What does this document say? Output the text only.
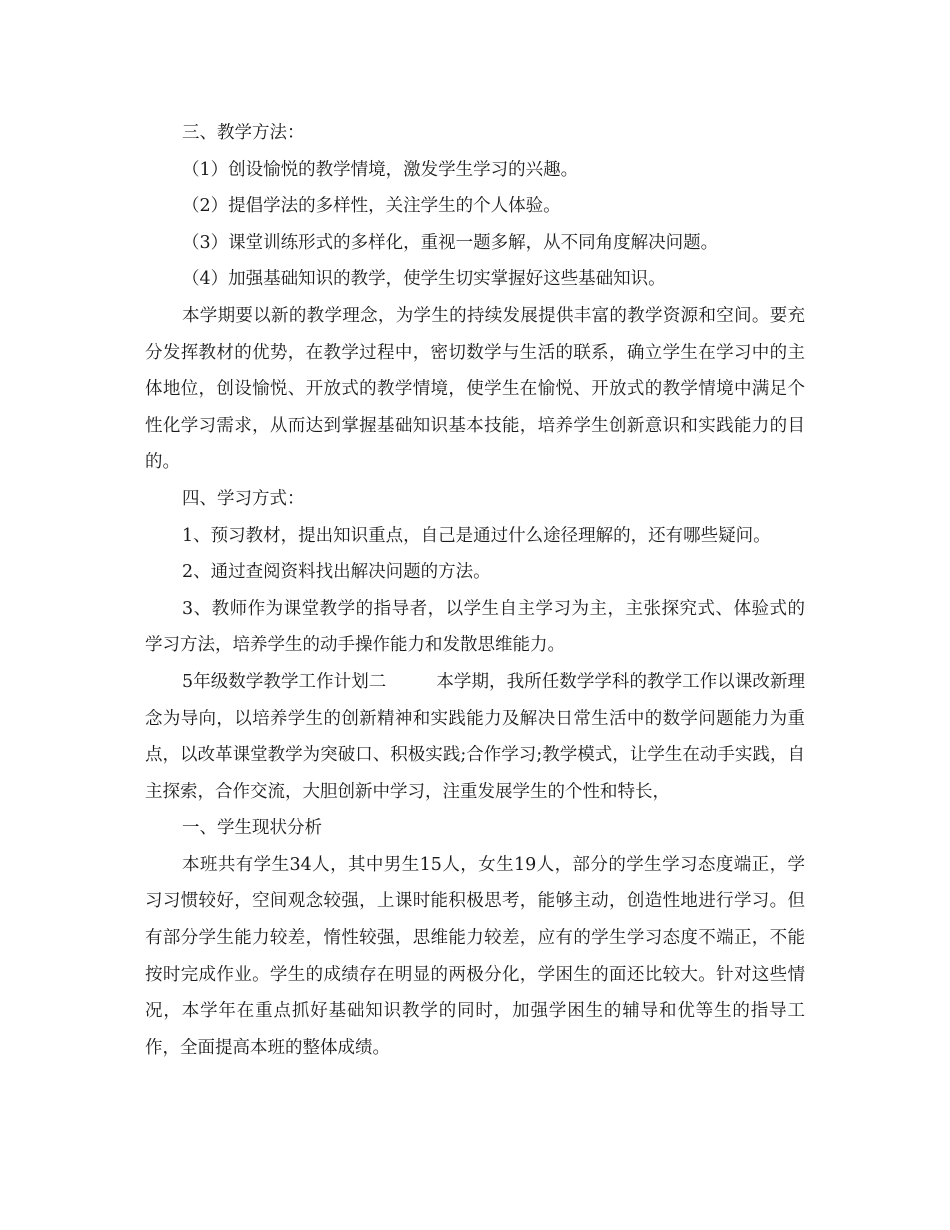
三、教学方法：

（1）创设愉悦的教学情境，激发学生学习的兴趣。

（2）提倡学法的多样性，关注学生的个人体验。

（3）课堂训练形式的多样化，重视一题多解，从不同角度解决问题。

（4）加强基础知识的教学，使学生切实掌握好这些基础知识。

本学期要以新的教学理念，为学生的持续发展提供丰富的教学资源和空间。要充分发挥教材的优势，在教学过程中，密切数学与生活的联系，确立学生在学习中的主体地位，创设愉悦、开放式的教学情境，使学生在愉悦、开放式的教学情境中满足个性化学习需求，从而达到掌握基础知识基本技能，培养学生创新意识和实践能力的目的。

四、学习方式：

1、预习教材，提出知识重点，自己是通过什么途径理解的，还有哪些疑问。

2、通过查阅资料找出解决问题的方法。

3、教师作为课堂教学的指导者，以学生自主学习为主，主张探究式、体验式的学习方法，培养学生的动手操作能力和发散思维能力。

5年级数学教学工作计划二	本学期，我所任数学学科的教学工作以课改新理念为导向，以培养学生的创新精神和实践能力及解决日常生活中的数学问题能力为重点，以改革课堂教学为突破口、积极实践;合作学习;教学模式，让学生在动手实践，自主探索，合作交流，大胆创新中学习，注重发展学生的个性和特长，

一、学生现状分析

本班共有学生34人，其中男生15人，女生19人，部分的学生学习态度端正，学习习惯较好，空间观念较强，上课时能积极思考，能够主动，创造性地进行学习。但有部分学生能力较差，惰性较强，思维能力较差，应有的学生学习态度不端正，不能按时完成作业。学生的成绩存在明显的两极分化，学困生的面还比较大。针对这些情况，本学年在重点抓好基础知识教学的同时，加强学困生的辅导和优等生的指导工作，全面提高本班的整体成绩。
